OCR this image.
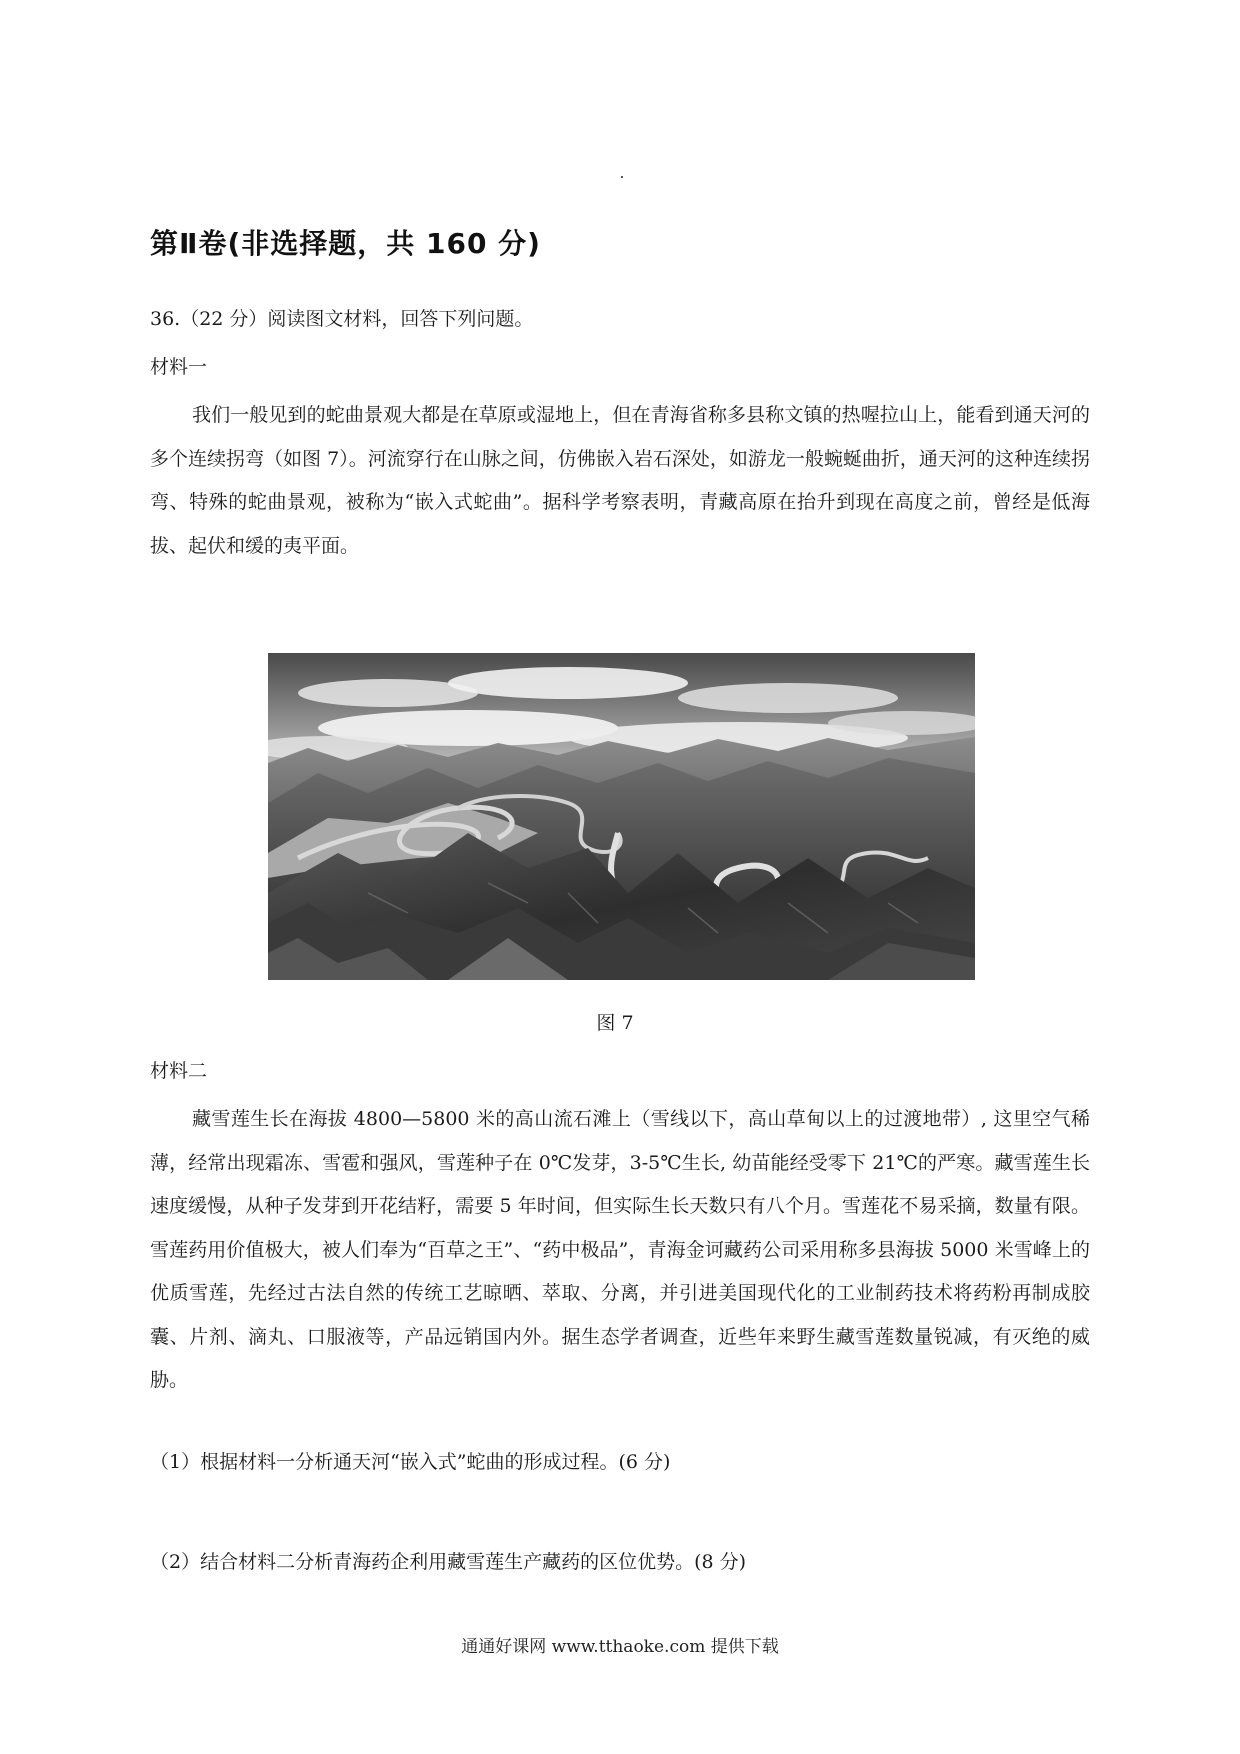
第Ⅱ卷(非选择题，共 160 分)
36.（22 分）阅读图文材料，回答下列问题。
材料一
我们一般见到的蛇曲景观大都是在草原或湿地上，但在青海省称多县称文镇的热喔拉山上，能看到通天河的多个连续拐弯（如图 7）。河流穿行在山脉之间，仿佛嵌入岩石深处，如游龙一般蜿蜒曲折，通天河的这种连续拐弯、特殊的蛇曲景观，被称为“嵌入式蛇曲”。据科学考察表明，青藏高原在抬升到现在高度之前，曾经是低海拔、起伏和缓的夷平面。
图 7
材料二
藏雪莲生长在海拔 4800—5800 米的高山流石滩上（雪线以下，高山草甸以上的过渡地带）, 这里空气稀薄，经常出现霜冻、雪雹和强风，雪莲种子在 0℃发芽，3-5℃生长, 幼苗能经受零下 21℃的严寒。藏雪莲生长速度缓慢，从种子发芽到开花结籽，需要 5 年时间，但实际生长天数只有八个月。雪莲花不易采摘，数量有限。雪莲药用价值极大，被人们奉为“百草之王”、“药中极品”，青海金诃藏药公司采用称多县海拔 5000 米雪峰上的优质雪莲，先经过古法自然的传统工艺晾晒、萃取、分离，并引进美国现代化的工业制药技术将药粉再制成胶囊、片剂、滴丸、口服液等，产品远销国内外。据生态学者调查，近些年来野生藏雪莲数量锐减，有灭绝的威胁。
（1）根据材料一分析通天河“嵌入式”蛇曲的形成过程。(6 分)
（2）结合材料二分析青海药企利用藏雪莲生产藏药的区位优势。(8 分)
通通好课网 www.tthaoke.com 提供下载
